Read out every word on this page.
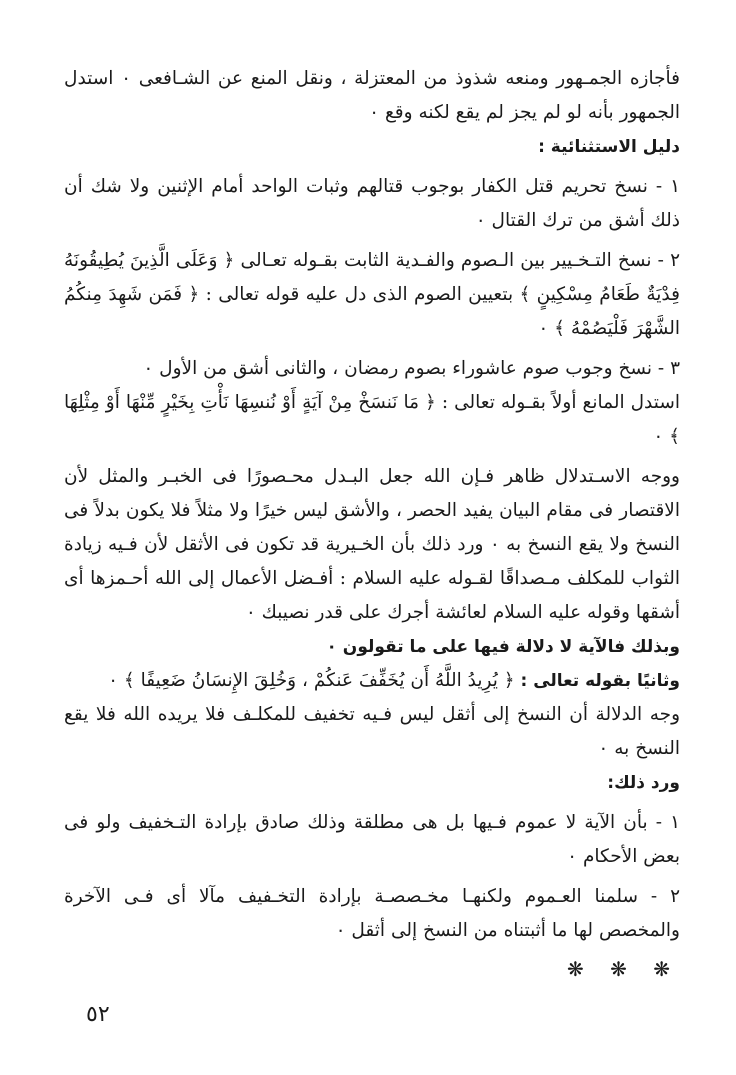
فأجازه الجمـهور ومنعه شذوذ من المعتزلة ، ونقل المنع عن الشـافعى ٠ استدل الجمهور بأنه لو لم يجز لم يقع لكنه وقع ٠

دليل الاستثنائية :

١ - نسخ تحريم قتل الكفار بوجوب قتالهم وثبات الواحد أمام الإثنين ولا شك أن ذلك أشق من ترك القتال ٠

٢ - نسخ التـخـيير بين الـصوم والفـدية الثابت بقـوله تعـالى ﴿ وَعَلَى الَّذِينَ يُطِيقُونَهُ فِدْيَةٌ طَعَامُ مِسْكِينٍ ﴾ بتعيين الصوم الذى دل عليه قوله تعالى : ﴿ فَمَن شَهِدَ مِنكُمُ الشَّهْرَ فَلْيَصُمْهُ ﴾ ٠

٣ - نسخ وجوب صوم عاشوراء بصوم رمضان ، والثانى أشق من الأول ٠

استدل المانع أولاً بقـوله تعالى : ﴿ مَا نَنسَخْ مِنْ آيَةٍ أَوْ نُنسِهَا نَأْتِ بِخَيْرٍ مِّنْهَا أَوْ مِثْلِهَا ﴾ ٠

ووجه الاسـتدلال ظاهر فـإن الله جعل البـدل محـصورًا فى الخبـر والمثل لأن الاقتصار فى مقام البيان يفيد الحصر ، والأشق ليس خيرًا ولا مثلاً فلا يكون بدلاً فى النسخ ولا يقع النسخ به ٠ ورد ذلك بأن الخـيرية قد تكون فى الأثقل لأن فـيه زيادة الثواب للمكلف مـصداقًا لقـوله عليه السلام : أفـضل الأعمال إلى الله أحـمزها أى أشقها وقوله عليه السلام لعائشة أجرك على قدر نصيبك ٠

وبذلك فالآية لا دلالة فيها على ما تقولون ٠

وثانيًا بقوله تعالى : ﴿ يُرِيدُ اللَّهُ أَن يُخَفِّفَ عَنكُمْ ، وَخُلِقَ الإِنسَانُ ضَعِيفًا ﴾ ٠

وجه الدلالة أن النسخ إلى أثقل ليس فـيه تخفيف للمكلـف فلا يريده الله فلا يقع النسخ به ٠

ورد ذلك:

١ - بأن الآية لا عموم فـيها بل هى مطلقة وذلك صادق بإرادة التـخفيف ولو فى بعض الأحكام ٠

٢ - سلمنا العـموم ولكنهـا مخـصصـة بإرادة التخـفيف مآلا أى فـى الآخرة والمخصص لها ما أثبتناه من النسخ إلى أثقل ٠

❋ ❋ ❋
٥٢
